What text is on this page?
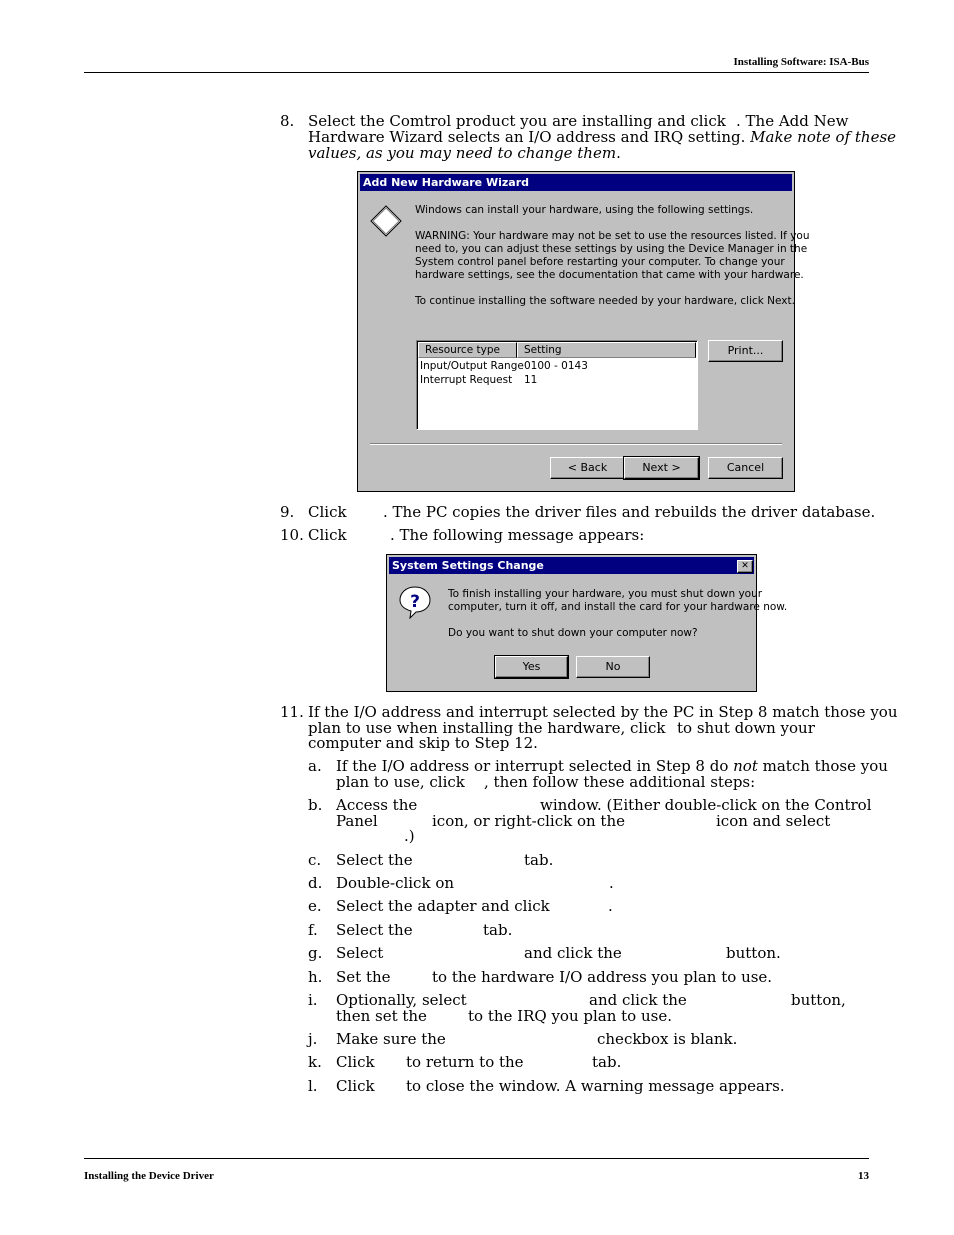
Installing Software: ISA-Bus
8. Select the Comtrol product you are installing and click . The Add New
Hardware Wizard selects an I/O address and IRQ setting. Make note of these
values, as you may need to change them.
Add New Hardware Wizard
Windows can install your hardware, using the following settings.
WARNING: Your hardware may not be set to use the resources listed. If you
need to, you can adjust these settings by using the Device Manager in the
System control panel before restarting your computer. To change your
hardware settings, see the documentation that came with your hardware.
To continue installing the software needed by your hardware, click Next.
Resource type	Setting
Input/Output Range 0100 - 0143
Interrupt Request 11
Print...
< Back	Next >	Cancel
9. Click . The PC copies the driver files and rebuilds the driver database.
10. Click	. The following message appears:
System Settings Change	✕
?	To finish installing your hardware, you must shut down your
computer, turn it off, and install the card for your hardware now.
Do you want to shut down your computer now?
Yes	No
11. If the I/O address and interrupt selected by the PC in Step 8 match those you
plan to use when installing the hardware, click to shut down your
computer and skip to Step 12.
a. If the I/O address or interrupt selected in Step 8 do not match those you
plan to use, click , then follow these additional steps:
b. Access the	window. (Either double-click on the Control
Panel	icon, or right-click on the	icon and select
.)
c. Select the	tab.
d. Double-click on	.
e. Select the adapter and click	.
f. Select the	tab.
g. Select	and click the	button.
h. Set the	to the hardware I/O address you plan to use.
i. Optionally, select	and click the	button,
then set the	to the IRQ you plan to use.
j. Make sure the	checkbox is blank.
k. Click to return to the	tab.
l. Click to close the window. A warning message appears.
Installing the Device Driver	13
